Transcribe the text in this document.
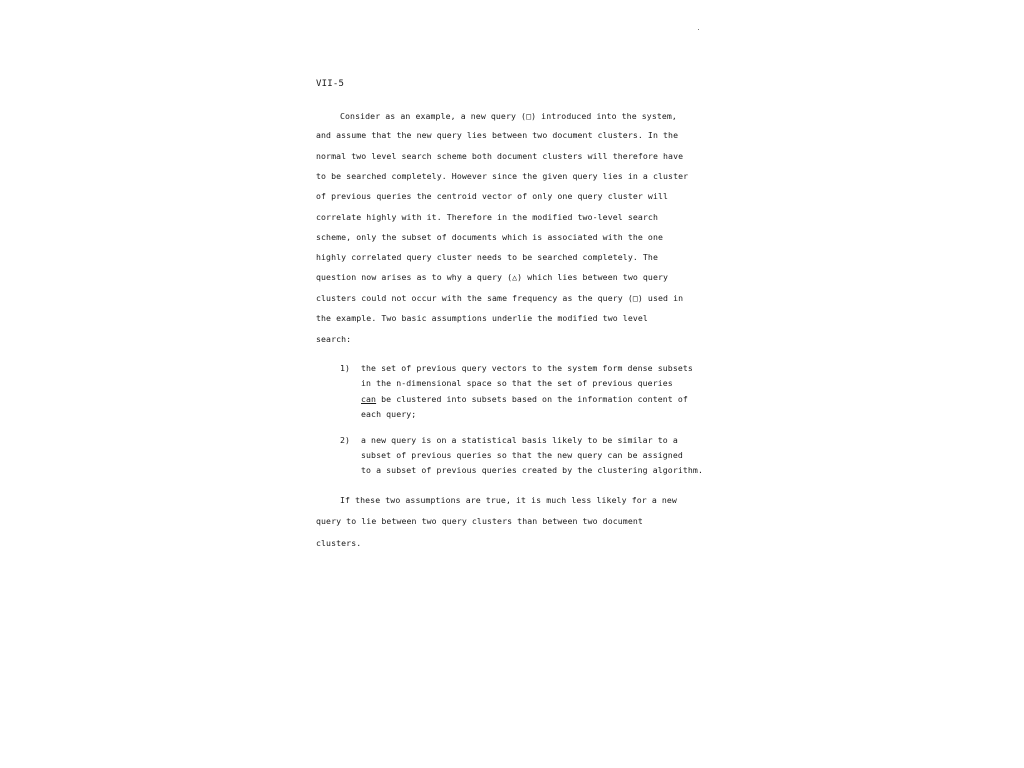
VII-5
Consider as an example, a new query (□) introduced into the system,
and assume that the new query lies between two document clusters. In the
normal two level search scheme both document clusters will therefore have
to be searched completely. However since the given query lies in a cluster
of previous queries the centroid vector of only one query cluster will
correlate highly with it. Therefore in the modified two-level search
scheme, only the subset of documents which is associated with the one
highly correlated query cluster needs to be searched completely. The
question now arises as to why a query (△) which lies between two query
clusters could not occur with the same frequency as the query (□) used in
the example. Two basic assumptions underlie the modified two level
search:
1) the set of previous query vectors to the system form dense subsets
in the n-dimensional space so that the set of previous queries
can be clustered into subsets based on the information content of
each query;
2) a new query is on a statistical basis likely to be similar to a
subset of previous queries so that the new query can be assigned
to a subset of previous queries created by the clustering algorithm.
If these two assumptions are true, it is much less likely for a new
query to lie between two query clusters than between two document
clusters.
